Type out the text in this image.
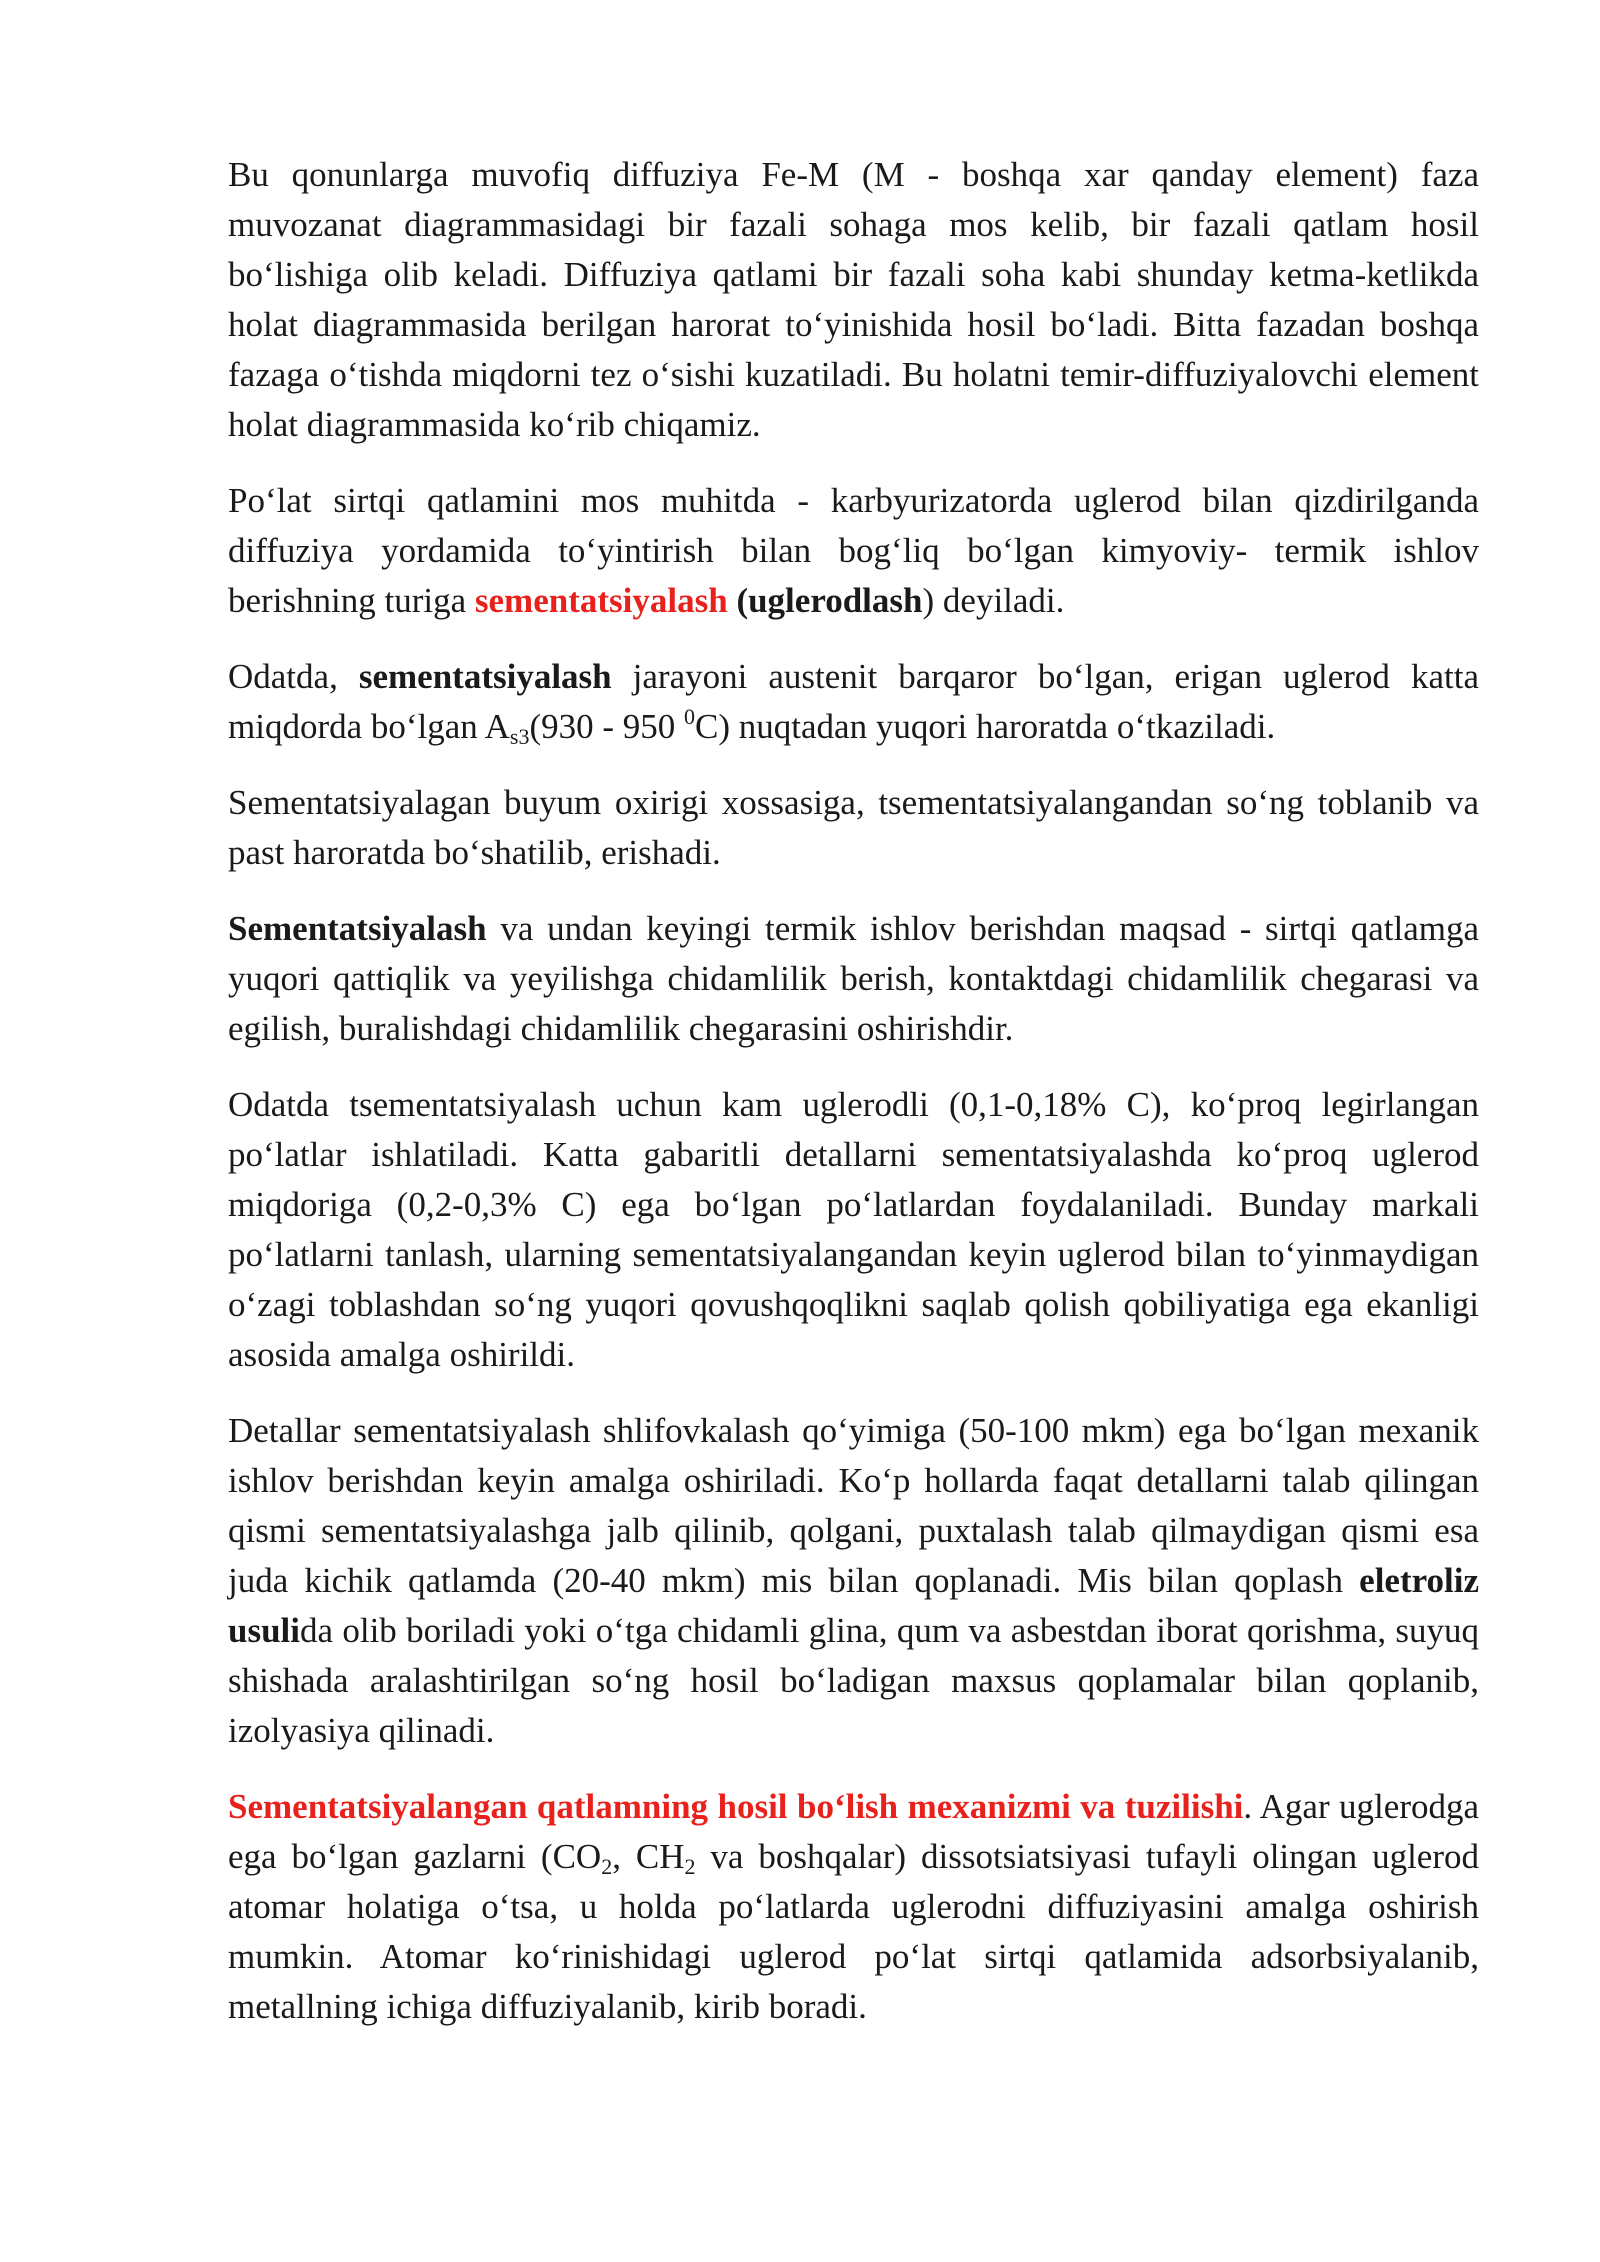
Bu qonunlarga muvofiq diffuziya Fe-M (M - boshqa xar qanday element) faza muvozanat diagrammasidagi bir fazali sohaga mos kelib, bir fazali qatlam hosil bo‘lishiga olib keladi. Diffuziya qatlami bir fazali soha kabi shunday ketma-ketlikda holat diagrammasida berilgan harorat to‘yinishida hosil bo‘ladi. Bitta fazadan boshqa fazaga o‘tishda miqdorni tez o‘sishi kuzatiladi. Bu holatni temir-diffuziyalovchi element holat diagrammasida ko‘rib chiqamiz.

Po‘lat sirtqi qatlamini mos muhitda - karbyurizatorda uglerod bilan qizdirilganda diffuziya yordamida to‘yintirish bilan bog‘liq bo‘lgan kimyoviy- termik ishlov berishning turiga sementatsiyalash (uglerodlash) deyiladi.

Odatda, sementatsiyalash jarayoni austenit barqaror bo‘lgan, erigan uglerod katta miqdorda bo‘lgan $A_{s3}(930 - 950$ $^0$C) nuqtadan yuqori haroratda o‘tkaziladi.

Sementatsiyalagan buyum oxirigi xossasiga, tsementatsiyalangandan so‘ng toblanib va past haroratda bo‘shatilib, erishadi.

Sementatsiyalash va undan keyingi termik ishlov berishdan maqsad - sirtqi qatlamga yuqori qattiqlik va yeyilishga chidamlilik berish, kontaktdagi chidamlilik chegarasi va egilish, buralishdagi chidamlilik chegarasini oshirishdir.

Odatda tsementatsiyalash uchun kam uglerodli (0,1-0,18% C), ko‘proq legirlangan po‘latlar ishlatiladi. Katta gabaritli detallarni sementatsiyalashda ko‘proq uglerod miqdoriga (0,2-0,3% C) ega bo‘lgan po‘latlardan foydalaniladi. Bunday markali po‘latlarni tanlash, ularning sementatsiyalangandan keyin uglerod bilan to‘yinmaydigan o‘zagi toblashdan so‘ng yuqori qovushqoqlikni saqlab qolish qobiliyatiga ega ekanligi asosida amalga oshirildi.

Detallar sementatsiyalash shlifovkalash qo‘yimiga (50-100 mkm) ega bo‘lgan mexanik ishlov berishdan keyin amalga oshiriladi. Ko‘p hollarda faqat detallarni talab qilingan qismi sementatsiyalashga jalb qilinib, qolgani, puxtalash talab qilmaydigan qismi esa juda kichik qatlamda (20-40 mkm) mis bilan qoplanadi. Mis bilan qoplash eletroliz usulida olib boriladi yoki o‘tga chidamli glina, qum va asbestdan iborat qorishma, suyuq shishada aralashtirilgan so‘ng hosil bo‘ladigan maxsus qoplamalar bilan qoplanib, izolyasiya qilinadi.

Sementatsiyalangan qatlamning hosil bo‘lish mexanizmi va tuzilishi. Agar uglerodga ega bo‘lgan gazlarni ($CO_2$, $CH_2$ va boshqalar) dissotsiatsiyasi tufayli olingan uglerod atomar holatiga o‘tsa, u holda po‘latlarda uglerodni diffuziyasini amalga oshirish mumkin. Atomar ko‘rinishidagi uglerod po‘lat sirtqi qatlamida adsorbsiyalanib, metallning ichiga diffuziyalanib, kirib boradi.
